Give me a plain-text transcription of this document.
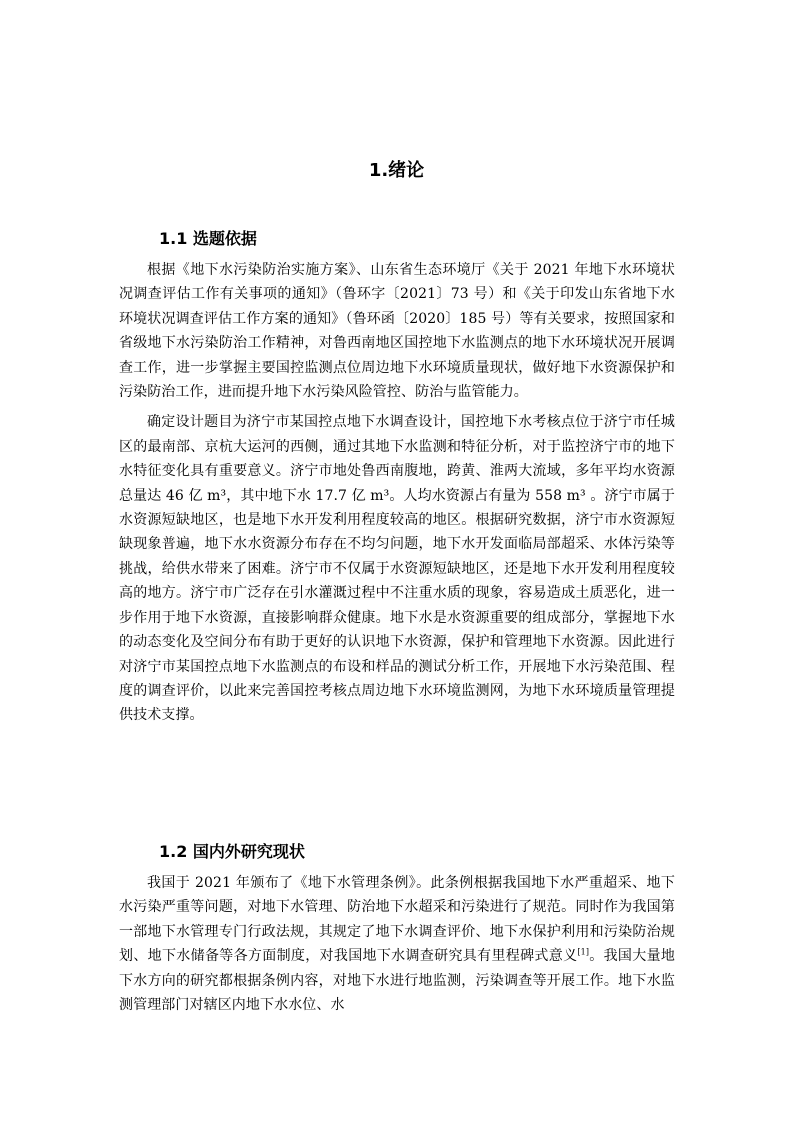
1.绪论
1.1 选题依据

根据《地下水污染防治实施方案》、山东省生态环境厅《关于 2021 年地下水环境状况调查评估工作有关事项的通知》（鲁环字〔2021〕73 号）和《关于印发山东省地下水环境状况调查评估工作方案的通知》（鲁环函〔2020〕185 号）等有关要求，按照国家和省级地下水污染防治工作精神，对鲁西南地区国控地下水监测点的地下水环境状况开展调查工作，进一步掌握主要国控监测点位周边地下水环境质量现状，做好地下水资源保护和污染防治工作，进而提升地下水污染风险管控、防治与监管能力。

确定设计题目为济宁市某国控点地下水调查设计，国控地下水考核点位于济宁市任城区的最南部、京杭大运河的西侧，通过其地下水监测和特征分析，对于监控济宁市的地下水特征变化具有重要意义。济宁市地处鲁西南腹地，跨黄、淮两大流域，多年平均水资源总量达 46 亿 m³，其中地下水 17.7 亿 m³。人均水资源占有量为 558 m³ 。济宁市属于水资源短缺地区，也是地下水开发利用程度较高的地区。根据研究数据，济宁市水资源短缺现象普遍，地下水水资源分布存在不均匀问题，地下水开发面临局部超采、水体污染等挑战，给供水带来了困难。济宁市不仅属于水资源短缺地区，还是地下水开发利用程度较高的地方。济宁市广泛存在引水灌溉过程中不注重水质的现象，容易造成土质恶化，进一步作用于地下水资源，直接影响群众健康。地下水是水资源重要的组成部分，掌握地下水的动态变化及空间分布有助于更好的认识地下水资源，保护和管理地下水资源。因此进行对济宁市某国控点地下水监测点的布设和样品的测试分析工作，开展地下水污染范围、程度的调查评价，以此来完善国控考核点周边地下水环境监测网，为地下水环境质量管理提供技术支撑。

1.2 国内外研究现状

我国于 2021 年颁布了《地下水管理条例》。此条例根据我国地下水严重超采、地下水污染严重等问题，对地下水管理、防治地下水超采和污染进行了规范。同时作为我国第一部地下水管理专门行政法规，其规定了地下水调查评价、地下水保护利用和污染防治规划、地下水储备等各方面制度，对我国地下水调查研究具有里程碑式意义[1]。我国大量地下水方向的研究都根据条例内容，对地下水进行地监测，污染调查等开展工作。地下水监测管理部门对辖区内地下水水位、水
